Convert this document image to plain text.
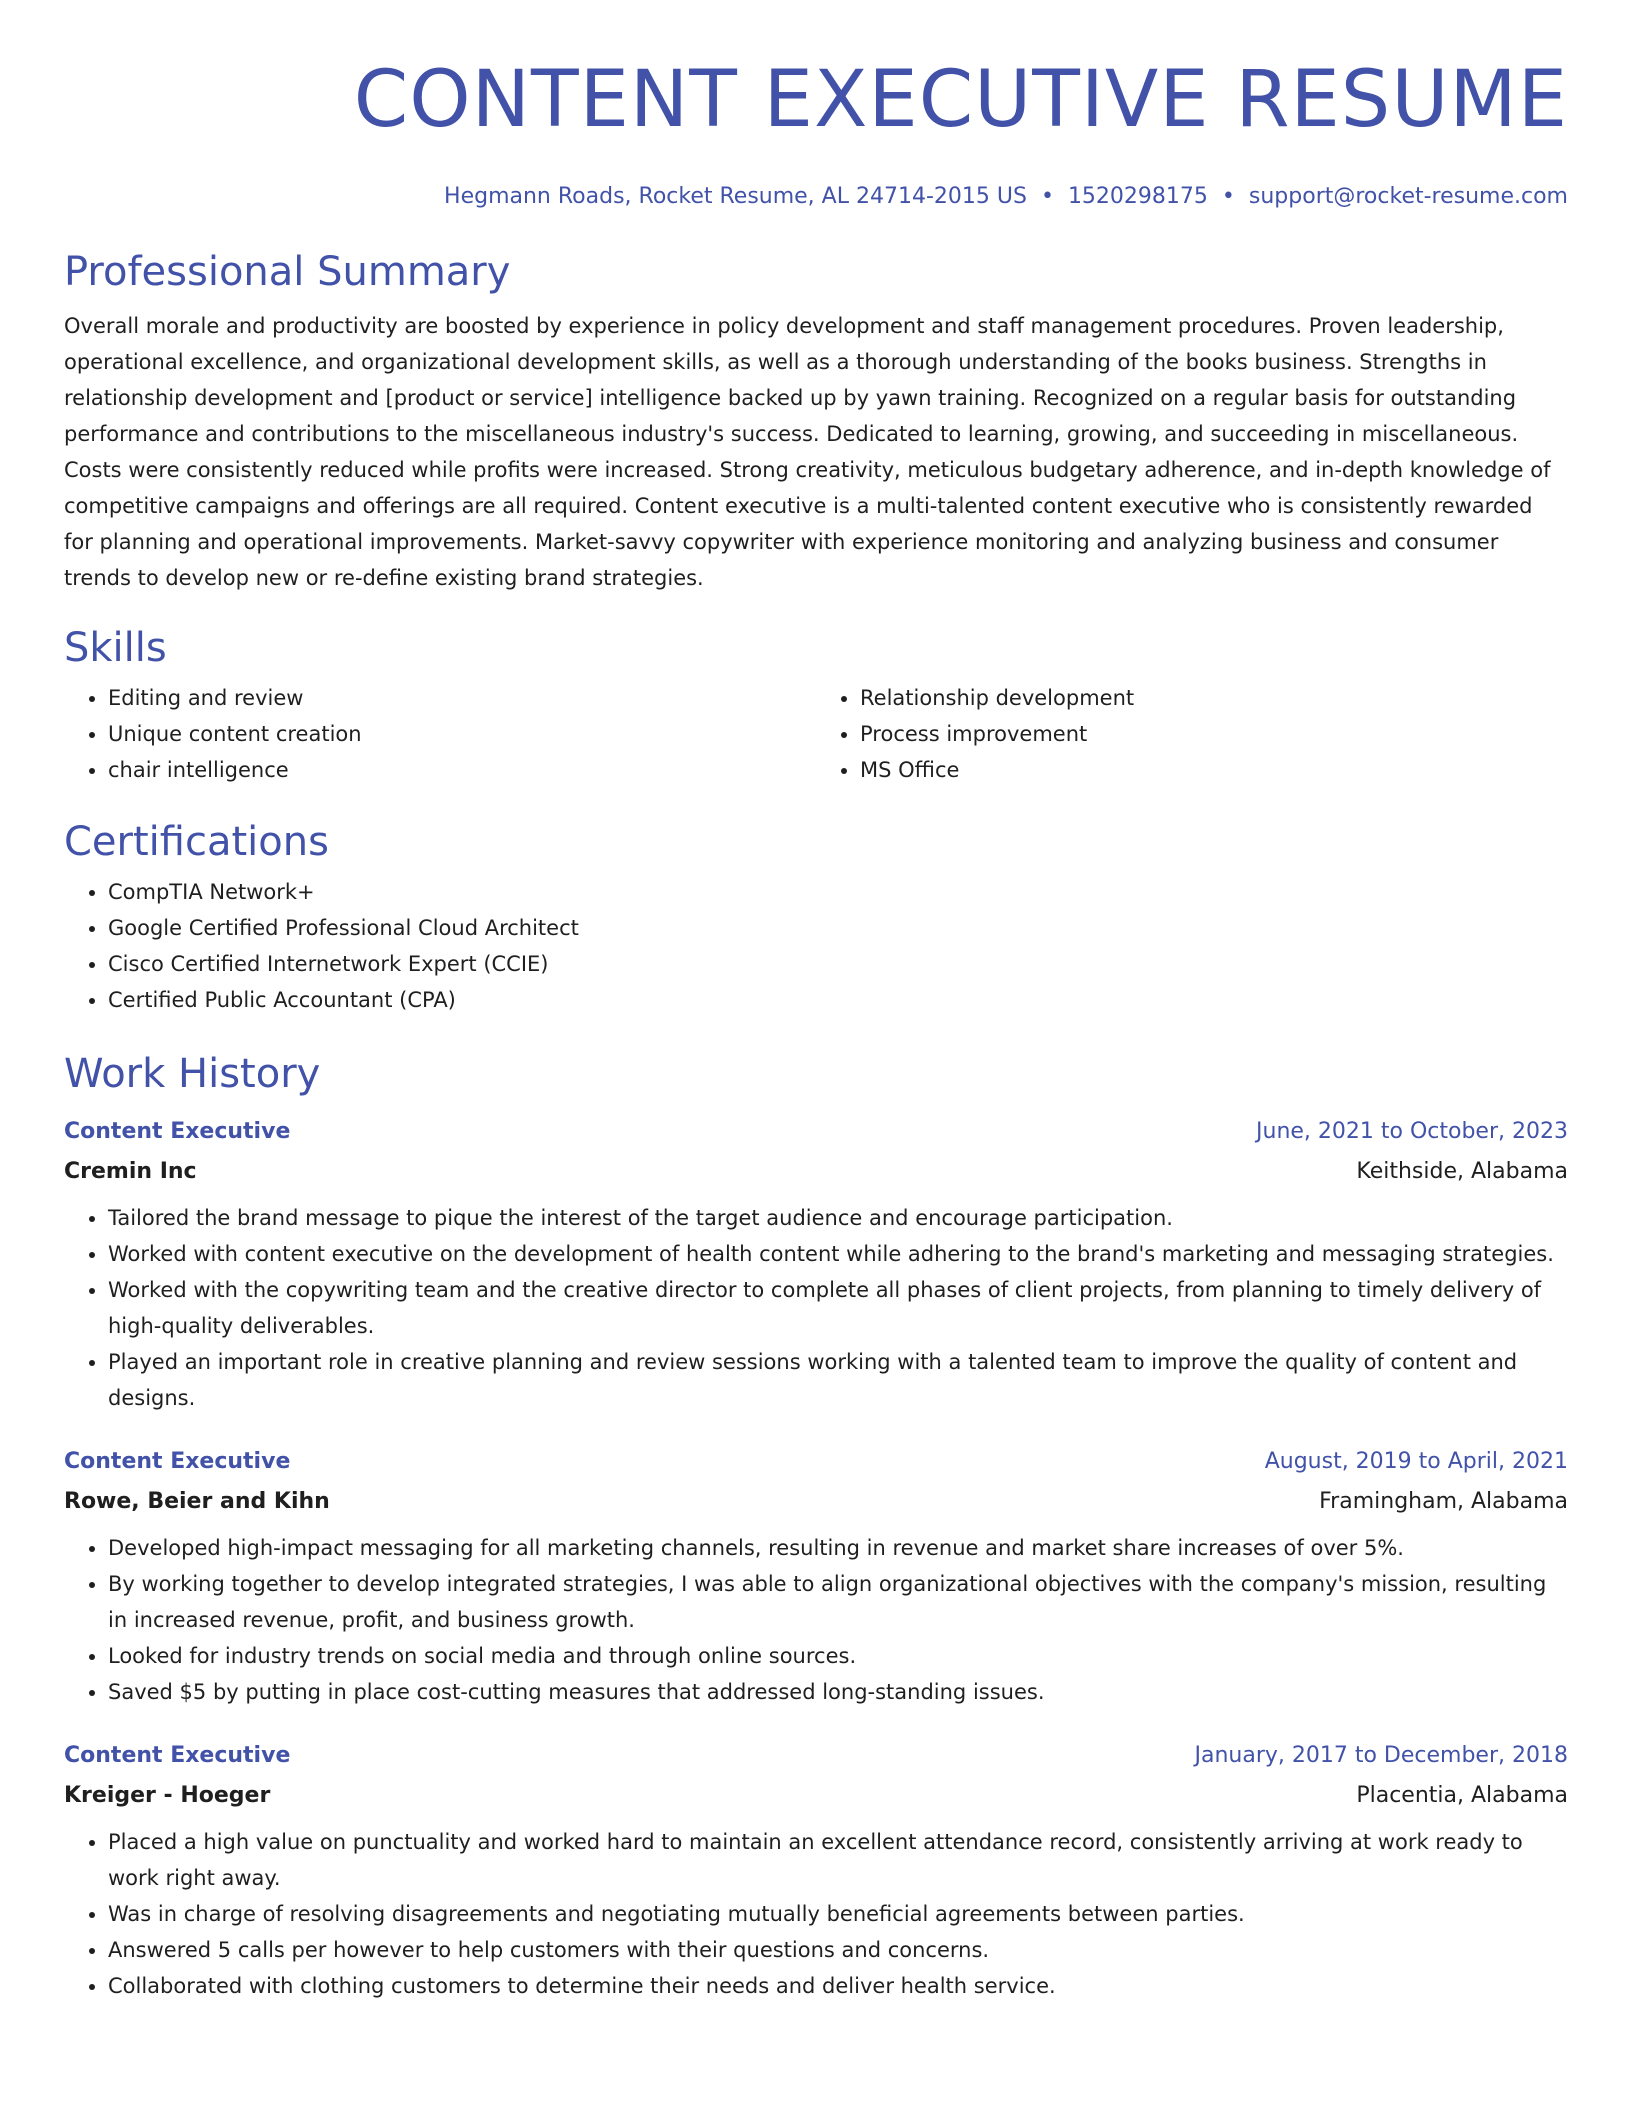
CONTENT EXECUTIVE RESUME
Hegmann Roads, Rocket Resume, AL 24714-2015 US • 1520298175 • support@rocket-resume.com
Professional Summary
Overall morale and productivity are boosted by experience in policy development and staff management procedures. Proven leadership, operational excellence, and organizational development skills, as well as a thorough understanding of the books business. Strengths in relationship development and [product or service] intelligence backed up by yawn training. Recognized on a regular basis for outstanding performance and contributions to the miscellaneous industry's success. Dedicated to learning, growing, and succeeding in miscellaneous. Costs were consistently reduced while profits were increased. Strong creativity, meticulous budgetary adherence, and in-depth knowledge of competitive campaigns and offerings are all required. Content executive is a multi-talented content executive who is consistently rewarded for planning and operational improvements. Market-savvy copywriter with experience monitoring and analyzing business and consumer trends to develop new or re-define existing brand strategies.
Skills
• Editing and review
• Unique content creation
• chair intelligence
• Relationship development
• Process improvement
• MS Office
Certifications
• CompTIA Network+
• Google Certified Professional Cloud Architect
• Cisco Certified Internetwork Expert (CCIE)
• Certified Public Accountant (CPA)
Work History
Content Executive	June, 2021 to October, 2023
Cremin Inc	Keithside, Alabama
• Tailored the brand message to pique the interest of the target audience and encourage participation.
• Worked with content executive on the development of health content while adhering to the brand's marketing and messaging strategies.
• Worked with the copywriting team and the creative director to complete all phases of client projects, from planning to timely delivery of high-quality deliverables.
• Played an important role in creative planning and review sessions working with a talented team to improve the quality of content and designs.
Content Executive	August, 2019 to April, 2021
Rowe, Beier and Kihn	Framingham, Alabama
• Developed high-impact messaging for all marketing channels, resulting in revenue and market share increases of over 5%.
• By working together to develop integrated strategies, I was able to align organizational objectives with the company's mission, resulting in increased revenue, profit, and business growth.
• Looked for industry trends on social media and through online sources.
• Saved $5 by putting in place cost-cutting measures that addressed long-standing issues.
Content Executive	January, 2017 to December, 2018
Kreiger - Hoeger	Placentia, Alabama
• Placed a high value on punctuality and worked hard to maintain an excellent attendance record, consistently arriving at work ready to work right away.
• Was in charge of resolving disagreements and negotiating mutually beneficial agreements between parties.
• Answered 5 calls per however to help customers with their questions and concerns.
• Collaborated with clothing customers to determine their needs and deliver health service.
